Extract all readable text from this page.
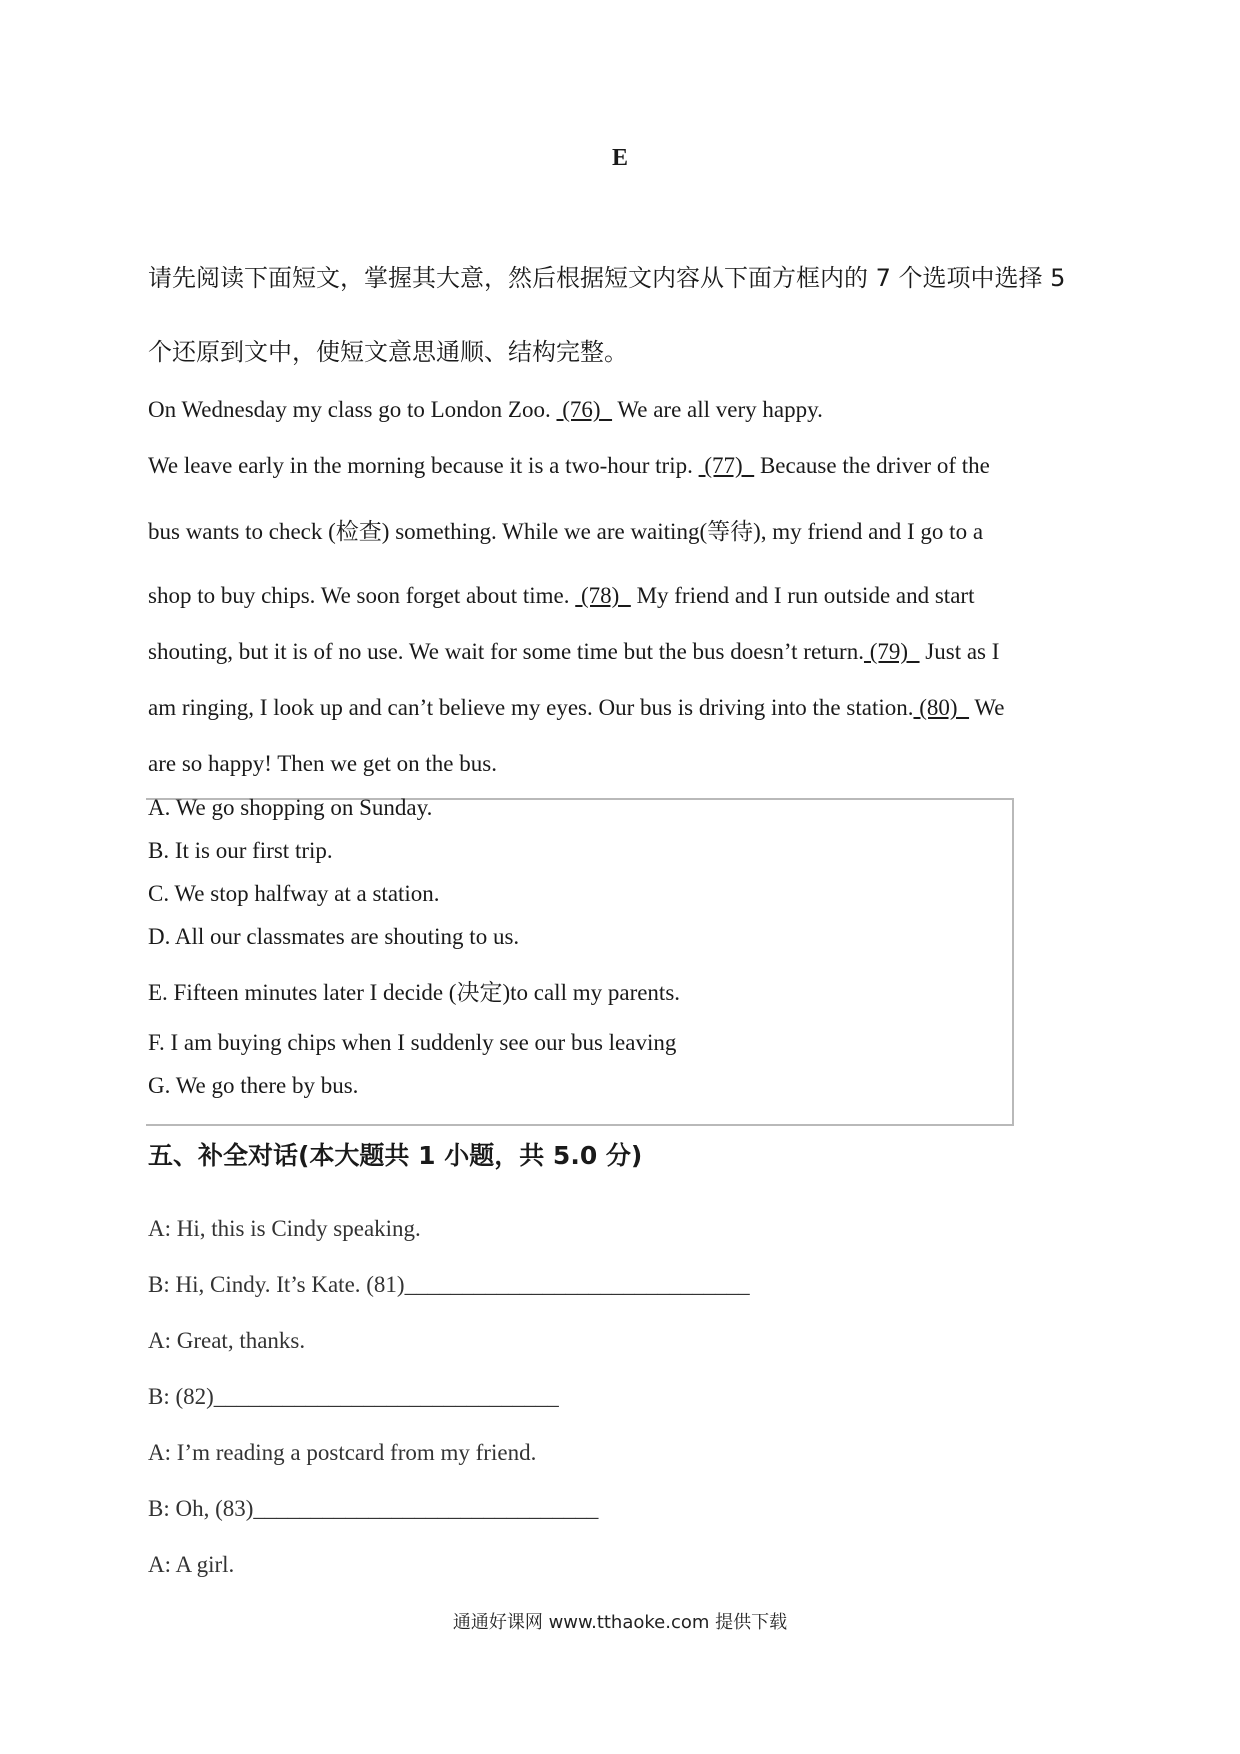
E
请先阅读下面短文，掌握其大意，然后根据短文内容从下面方框内的 7 个选项中选择 5
个还原到文中，使短文意思通顺、结构完整。
On Wednesday my class go to London Zoo.  (76)   We are all very happy.
We leave early in the morning because it is a two-hour trip.  (77)   Because the driver of the
bus wants to check (检查) something. While we are waiting(等待), my friend and I go to a
shop to buy chips. We soon forget about time.  (78)   My friend and I run outside and start
shouting, but it is of no use. We wait for some time but the bus doesn’t return. (79)   Just as I
am ringing, I look up and can’t believe my eyes. Our bus is driving into the station. (80)   We
are so happy! Then we get on the bus.
A. We go shopping on Sunday.
B. It is our first trip.
C. We stop halfway at a station.
D. All our classmates are shouting to us.
E. Fifteen minutes later I decide (决定)to call my parents.
F. I am buying chips when I suddenly see our bus leaving
G. We go there by bus.
五、补全对话(本大题共 1 小题，共 5.0 分)
A: Hi, this is Cindy speaking.
B: Hi, Cindy. It’s Kate. (81)______________________________
A: Great, thanks.
B: (82)______________________________
A: I’m reading a postcard from my friend.
B: Oh, (83)______________________________
A: A girl.
通通好课网 www.tthaoke.com 提供下载
